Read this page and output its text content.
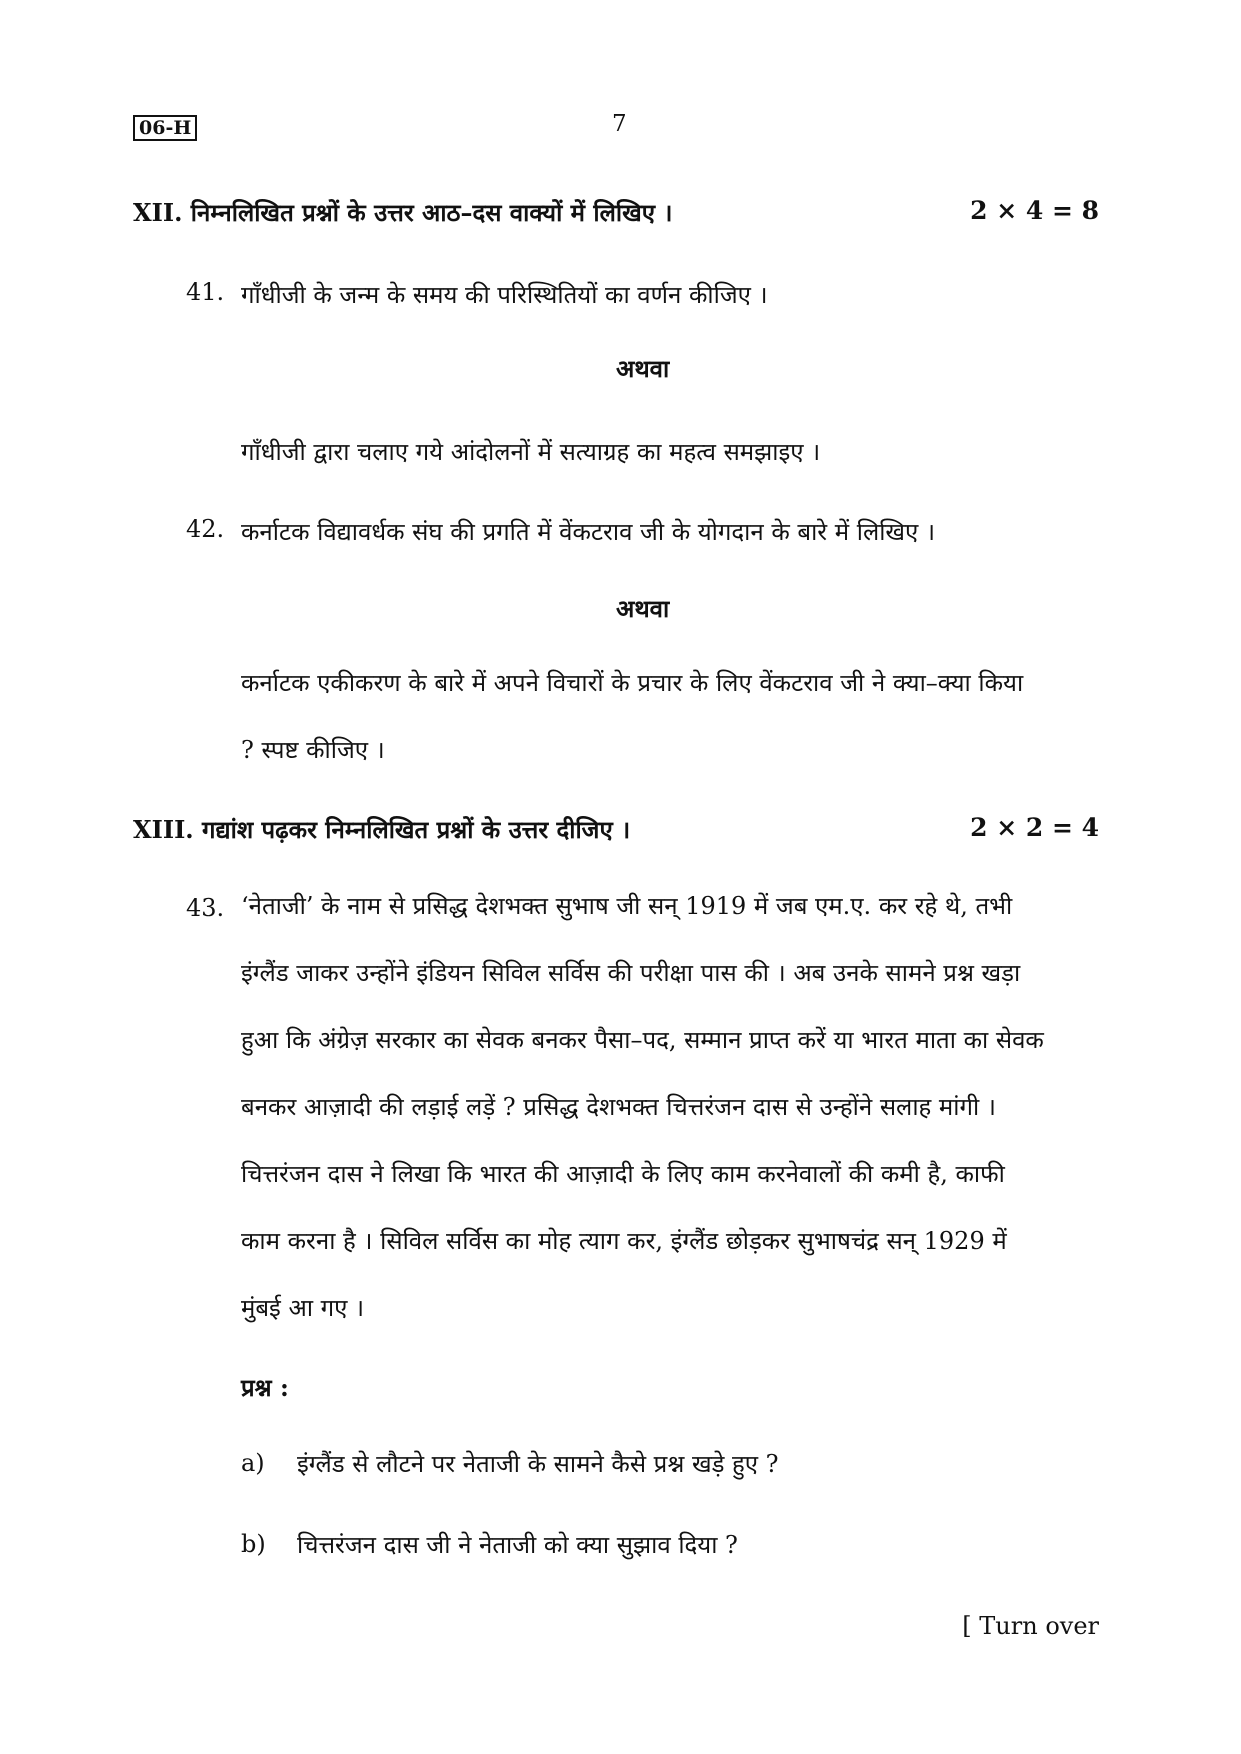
06-H	7
XII. निम्नलिखित प्रश्नों के उत्तर आठ–दस वाक्यों में लिखिए ।	2 × 4 = 8
41. गाँधीजी के जन्म के समय की परिस्थितियों का वर्णन कीजिए ।
अथवा
गाँधीजी द्वारा चलाए गये आंदोलनों में सत्याग्रह का महत्व समझाइए ।
42. कर्नाटक विद्यावर्धक संघ की प्रगति में वेंकटराव जी के योगदान के बारे में लिखिए ।
अथवा
कर्नाटक एकीकरण के बारे में अपने विचारों के प्रचार के लिए वेंकटराव जी ने क्या–क्या किया
? स्पष्ट कीजिए ।
XIII. गद्यांश पढ़कर निम्नलिखित प्रश्नों के उत्तर दीजिए ।	2 × 2 = 4
43. ‘नेताजी’ के नाम से प्रसिद्ध देशभक्त सुभाष जी सन् 1919 में जब एम.ए. कर रहे थे, तभी
इंग्लैंड जाकर उन्होंने इंडियन सिविल सर्विस की परीक्षा पास की । अब उनके सामने प्रश्न खड़ा
हुआ कि अंग्रेज़ सरकार का सेवक बनकर पैसा–पद, सम्मान प्राप्त करें या भारत माता का सेवक
बनकर आज़ादी की लड़ाई लड़ें ? प्रसिद्ध देशभक्त चित्तरंजन दास से उन्होंने सलाह मांगी ।
चित्तरंजन दास ने लिखा कि भारत की आज़ादी के लिए काम करनेवालों की कमी है, काफी
काम करना है । सिविल सर्विस का मोह त्याग कर, इंग्लैंड छोड़कर सुभाषचंद्र सन् 1929 में
मुंबई आ गए ।
प्रश्न :
a) इंग्लैंड से लौटने पर नेताजी के सामने कैसे प्रश्न खड़े हुए ?
b) चित्तरंजन दास जी ने नेताजी को क्या सुझाव दिया ?
[ Turn over
